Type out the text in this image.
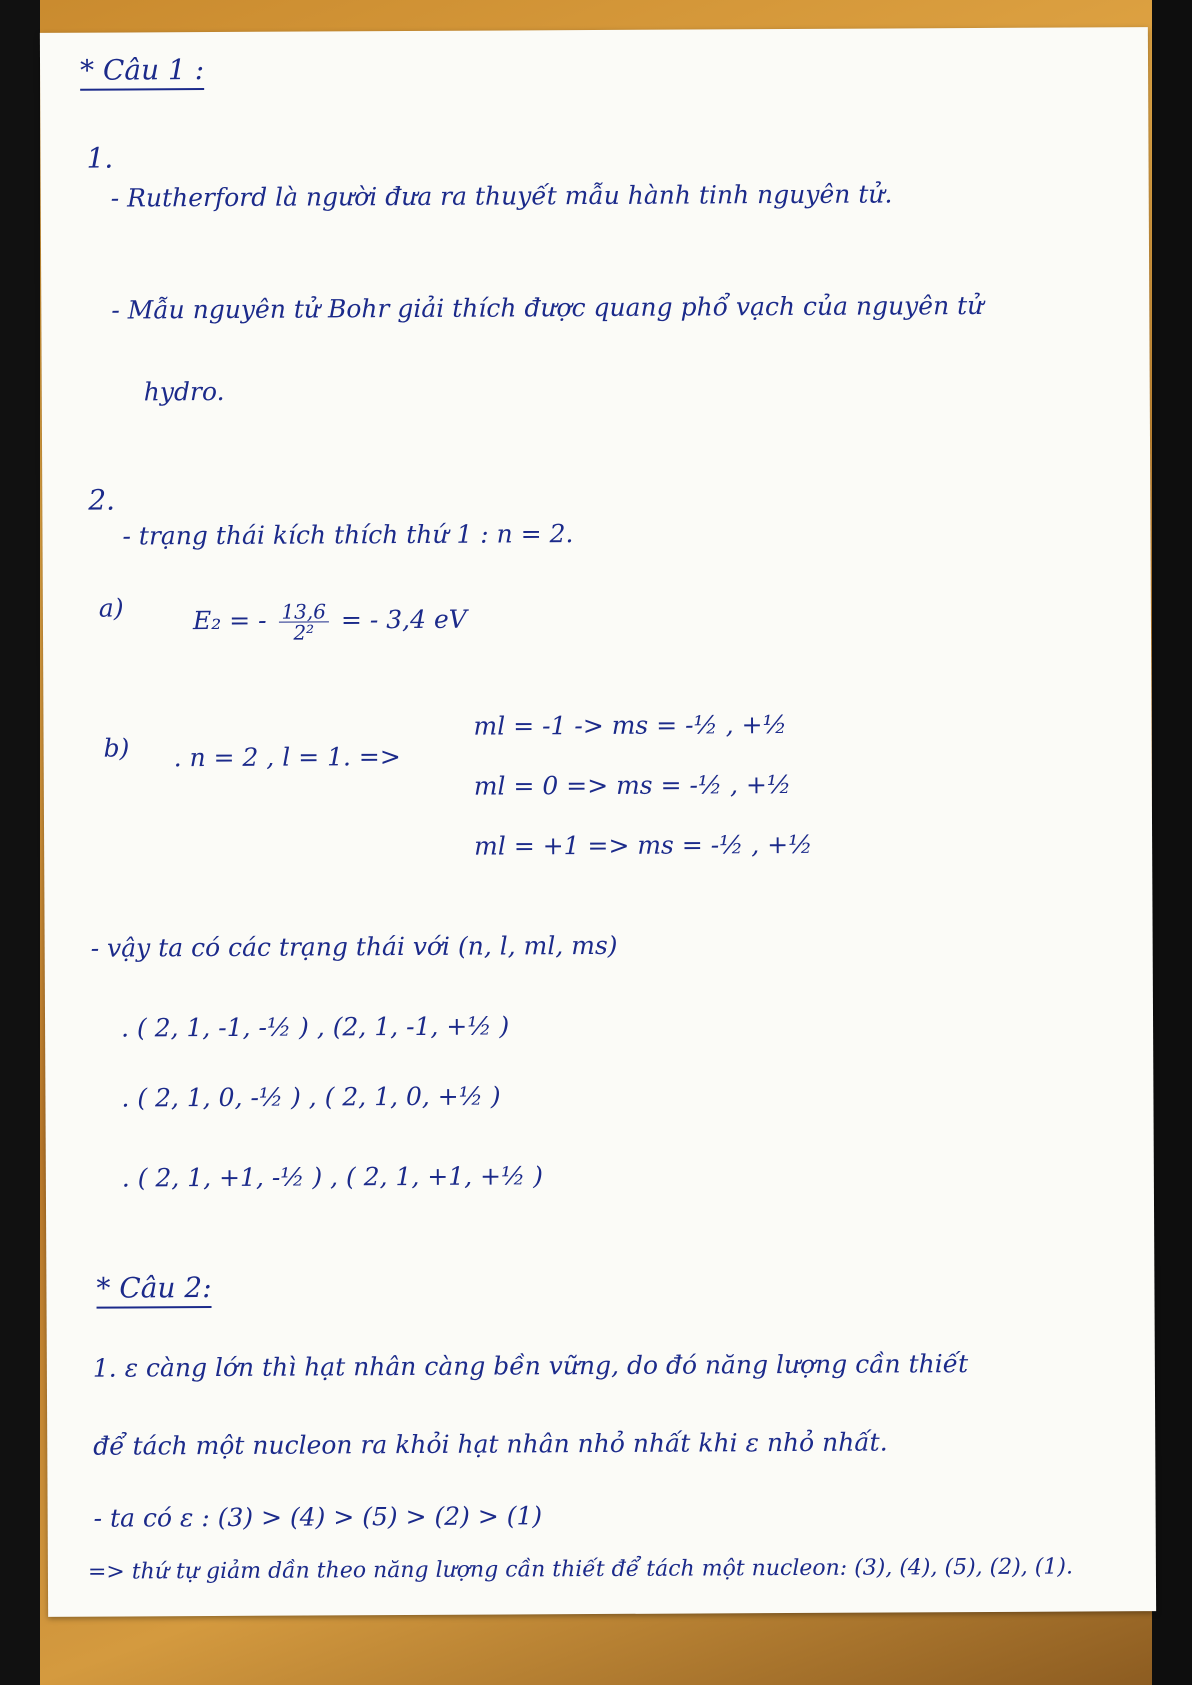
* Câu 1 :
1.
- Rutherford là người đưa ra thuyết mẫu hành tinh nguyên tử.
- Mẫu nguyên tử Bohr giải thích được quang phổ vạch của nguyên tử
hydro.
2.
- trạng thái kích thích thứ 1 : n = 2.
a)	E₂ = - $\frac{13,6}{\text{2²}}$ = - 3,4 eV
b) . n = 2 , l = 1. =>
ml = -1 -> ms = -½ , +½
ml = 0 => ms = -½ , +½
ml = +1 => ms = -½ , +½
- vậy ta có các trạng thái với (n, l, ml, ms)
. ( 2, 1, -1, -½ ) , (2, 1, -1, +½ )
. ( 2, 1, 0, -½ ) , ( 2, 1, 0, +½ )
. ( 2, 1, +1, -½ ) , ( 2, 1, +1, +½ )
* Câu 2:
1. ε càng lớn thì hạt nhân càng bền vững, do đó năng lượng cần thiết
để tách một nucleon ra khỏi hạt nhân nhỏ nhất khi ε nhỏ nhất.
- ta có ε : (3) > (4) > (5) > (2) > (1)
=> thứ tự giảm dần theo năng lượng cần thiết để tách một nucleon: (3), (4), (5), (2), (1).
